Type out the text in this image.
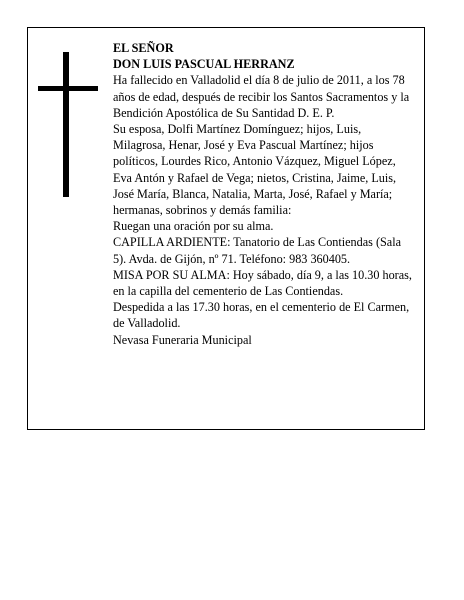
EL SEÑOR

DON LUIS PASCUAL HERRANZ

Ha fallecido en Valladolid el día 8 de julio de 2011, a los 78 años de edad, después de recibir los Santos Sacramentos y la Bendición Apostólica de Su Santidad D. E. P.

Su esposa, Dolfi Martínez Domínguez; hijos, Luis, Milagrosa, Henar, José y Eva Pascual Martínez; hijos políticos, Lourdes Rico, Antonio Vázquez, Miguel López, Eva Antón y Rafael de Vega; nietos, Cristina, Jaime, Luis, José María, Blanca, Natalia, Marta, José, Rafael y María; hermanas, sobrinos y demás familia:

Ruegan una oración por su alma.

CAPILLA ARDIENTE: Tanatorio de Las Contiendas (Sala 5). Avda. de Gijón, nº 71. Teléfono: 983 360405.

MISA POR SU ALMA: Hoy sábado, día 9, a las 10.30 horas, en la capilla del cementerio de Las Contiendas.

Despedida a las 17.30 horas, en el cementerio de El Carmen, de Valladolid.

Nevasa Funeraria Municipal
